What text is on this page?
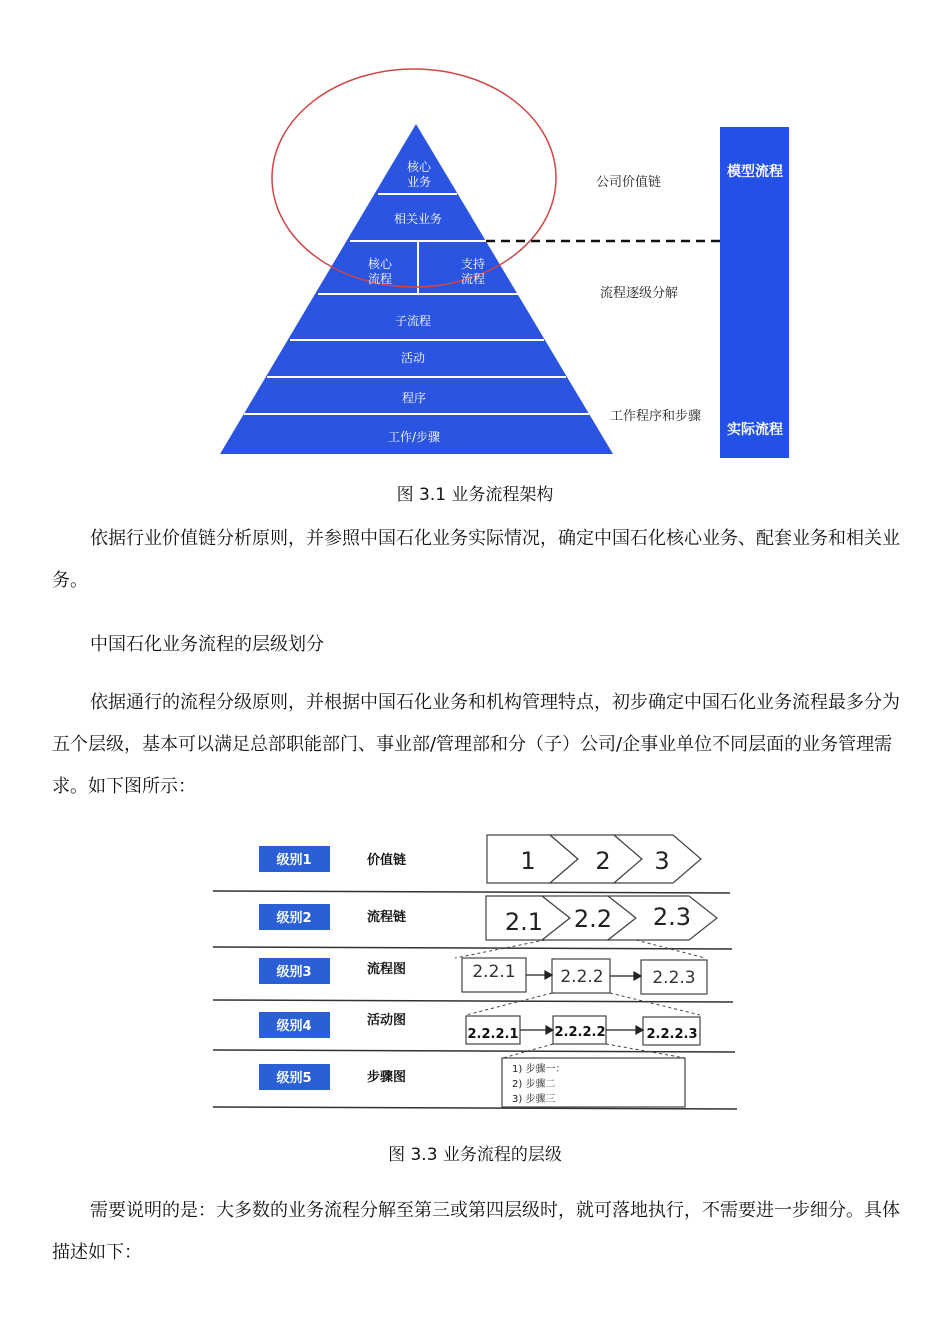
核心
业务
相关业务
核心
流程
支持
流程
子流程
活动
程序
工作/步骤
公司价值链
流程逐级分解
工作程序和步骤
模型流程
实际流程
图 3.1 业务流程架构

依据行业价值链分析原则，并参照中国石化业务实际情况，确定中国石化核心业务、配套业务和相关业务。

中国石化业务流程的层级划分

依据通行的流程分级原则，并根据中国石化业务和机构管理特点，初步确定中国石化业务流程最多分为五个层级，基本可以满足总部职能部门、事业部/管理部和分（子）公司/企事业单位不同层面的业务管理需求。如下图所示：

级别1
级别2
级别3
级别4
级别5
价值链
流程链
流程图
活动图
步骤图
1 2 3
2.1 2.2 2.3
2.2.1	2.2.2	2.2.3
2.2.2.1	2.2.2.2	2.2.2.3
1) 步骤一：
2) 步骤二
3) 步骤三
图 3.3 业务流程的层级

需要说明的是：大多数的业务流程分解至第三或第四层级时，就可落地执行，不需要进一步细分。具体描述如下：
